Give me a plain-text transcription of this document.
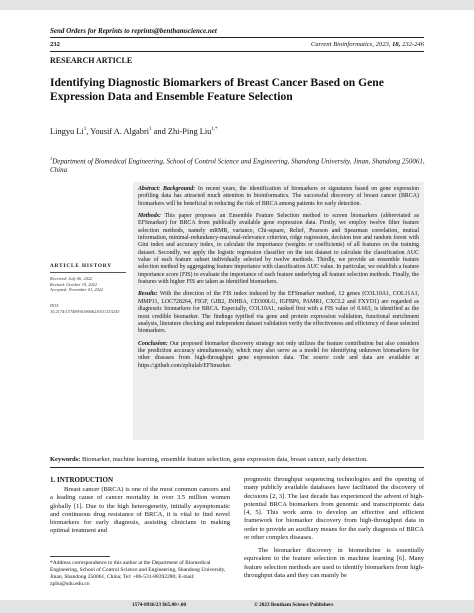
Send Orders for Reprints to reprints@benthamscience.net
232	Current Bioinformatics, 2023, 18, 232-246
RESEARCH ARTICLE
Identifying Diagnostic Biomarkers of Breast Cancer Based on Gene Expression Data and Ensemble Feature Selection
Lingyu Li$^1$, Yousif A. Algabri$^1$ and Zhi-Ping Liu$^{1,*}$
$^1$Department of Biomedical Engineering, School of Control Science and Engineering, Shandong University, Jinan, Shandong 250061, China
Abstract: Background: In recent years, the identification of biomarkers or signatures based on gene expression profiling data has attracted much attention in bioinformatics. The successful discovery of breast cancer (BRCA) biomarkers will be beneficial in reducing the risk of BRCA among patients for early detection.
Methods: This paper proposes an Ensemble Feature Selection method to screen biomarkers (abbreviated as EFSmarker) for BRCA from publically available gene expression data. Firstly, we employ twelve filter feature selection methods, namely mRMR, variance, Chi-square, Relief, Pearson and Spearman correlation, mutual information, minimal-redundancy-maximal-relevance criterion, ridge regression, decision tree and random forest with Gini index and accuracy index, to calculate the importance (weights or coefficients) of all features on the training dataset. Secondly, we apply the logistic regression classifier on the test dataset to calculate the classification AUC value of each feature subset individually selected by twelve methods. Thirdly, we provide an ensemble feature selection method by aggregating feature importance with classification AUC value. In particular, we establish a feature importance score (FIS) to evaluate the importance of each feature underlying all feature selection methods. Finally, the features with higher FIS are taken as identified biomarkers.
Results: With the direction of the FIS index induced by the EFSmarker method, 12 genes (COL10A1, COL11A1, MMP11, LOC728264, FIGF, GJB2, INHBA, CD300LG, IGFBP6, PAMR1, CXCL2 and FXYD1) are regarded as diagnostic biomarkers for BRCA. Especially, COL10A1, ranked first with a FIS value of 0.663, is identified as the most credible biomarker. The findings typified via gene and protein expression validation, functional enrichment analysis, literature checking and independent dataset validation verify the effectiveness and efficiency of these selected biomarkers.
Conclusion: Our proposed biomarker discovery strategy not only utilizes the feature contribution but also considers the prediction accuracy simultaneously, which may also serve as a model for identifying unknown biomarkers for other diseases from high-throughput gene expression data. The source code and data are available at https://github.com/zpliulab/EFSmarker.
ARTICLE HISTORY
Received: July 06, 2022
Revised: October 10, 2022
Accepted: November 01, 2022
DOI:
10.2174/1574893618666230111153243
Keywords: Biomarker, machine learning, ensemble feature selection, gene expression data, breast cancer, early detection.
1. INTRODUCTION
Breast cancer (BRCA) is one of the most common cancers and a leading cause of cancer mortality in over 3.5 million women globally [1]. Due to the high heterogeneity, initially asymptomatic and continuous drug resistance of BRCA, it is vital to find novel biomarkers for early diagnosis, assisting clinicians in making optimal treatment and
prognostic throughput sequencing technologies and the opening of many publicly available databases have facilitated the discovery of decisions [2, 3]. The last decade has experienced the advent of high-potential BRCA biomarkers from genomic and transcriptomic data [4, 5]. This work aims to develop an effective and efficient framework for biomarker discovery from high-throughput data in order to provide an auxiliary means for the early diagnosis of BRCA or other complex diseases.
The biomarker discovery in biomedicine is essentially equivalent to the feature selection in machine learning [6]. Many feature selection methods are used to identify biomarkers from high-throughput data and they can mainly be
*Address correspondence to this author at the Department of Biomedical Engineering, School of Control Science and Engineering, Shandong University, Jinan, Shandong 250061, China; Tel: +86-531-88392280; E-mail: zpliu@sdu.edu.cn
1574-8936/23 $65.00+.00	© 2023 Bentham Science Publishers
